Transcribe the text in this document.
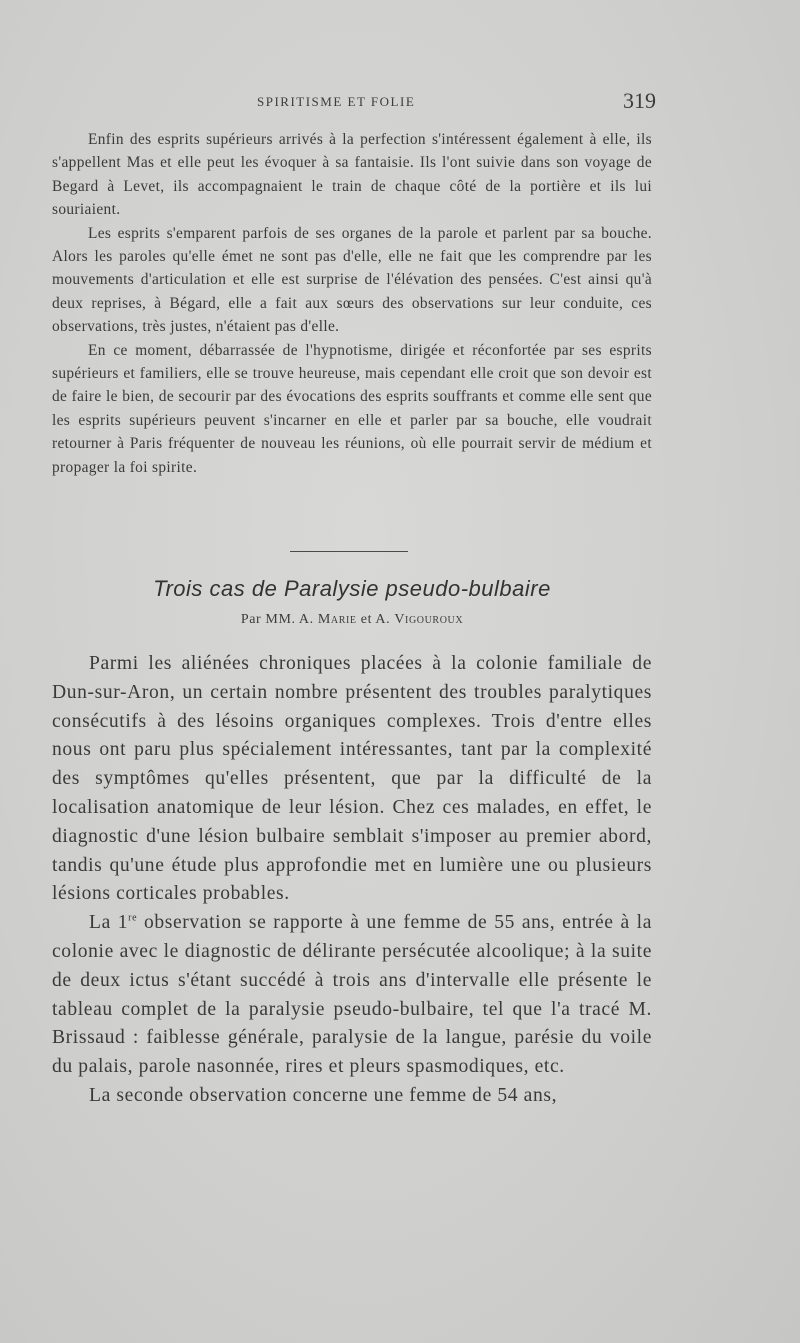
SPIRITISME ET FOLIE	319

Enfin des esprits supérieurs arrivés à la perfection s'intéressent également à elle, ils s'appellent Mas et elle peut les évoquer à sa fantaisie. Ils l'ont suivie dans son voyage de Begard à Levet, ils accompagnaient le train de chaque côté de la portière et ils lui souriaient.

Les esprits s'emparent parfois de ses organes de la parole et parlent par sa bouche. Alors les paroles qu'elle émet ne sont pas d'elle, elle ne fait que les comprendre par les mouvements d'articulation et elle est surprise de l'élévation des pensées. C'est ainsi qu'à deux reprises, à Bégard, elle a fait aux sœurs des observations sur leur conduite, ces observations, très justes, n'étaient pas d'elle.

En ce moment, débarrassée de l'hypnotisme, dirigée et réconfortée par ses esprits supérieurs et familiers, elle se trouve heureuse, mais cependant elle croit que son devoir est de faire le bien, de secourir par des évocations des esprits souffrants et comme elle sent que les esprits supérieurs peuvent s'incarner en elle et parler par sa bouche, elle voudrait retourner à Paris fréquenter de nouveau les réunions, où elle pourrait servir de médium et propager la foi spirite.

Trois cas de Paralysie pseudo-bulbaire
Par MM. A. Marie et A. Vigouroux

Parmi les aliénées chroniques placées à la colonie familiale de Dun-sur-Aron, un certain nombre présentent des troubles paralytiques consécutifs à des lésoins organiques complexes. Trois d'entre elles nous ont paru plus spécialement intéressantes, tant par la complexité des symptômes qu'elles présentent, que par la difficulté de la localisation anatomique de leur lésion. Chez ces malades, en effet, le diagnostic d'une lésion bulbaire semblait s'imposer au premier abord, tandis qu'une étude plus approfondie met en lumière une ou plusieurs lésions corticales probables.

La 1re observation se rapporte à une femme de 55 ans, entrée à la colonie avec le diagnostic de délirante persécutée alcoolique; à la suite de deux ictus s'étant succédé à trois ans d'intervalle elle présente le tableau complet de la paralysie pseudo-bulbaire, tel que l'a tracé M. Brissaud : faiblesse générale, paralysie de la langue, parésie du voile du palais, parole nasonnée, rires et pleurs spasmodiques, etc.

La seconde observation concerne une femme de 54 ans,
